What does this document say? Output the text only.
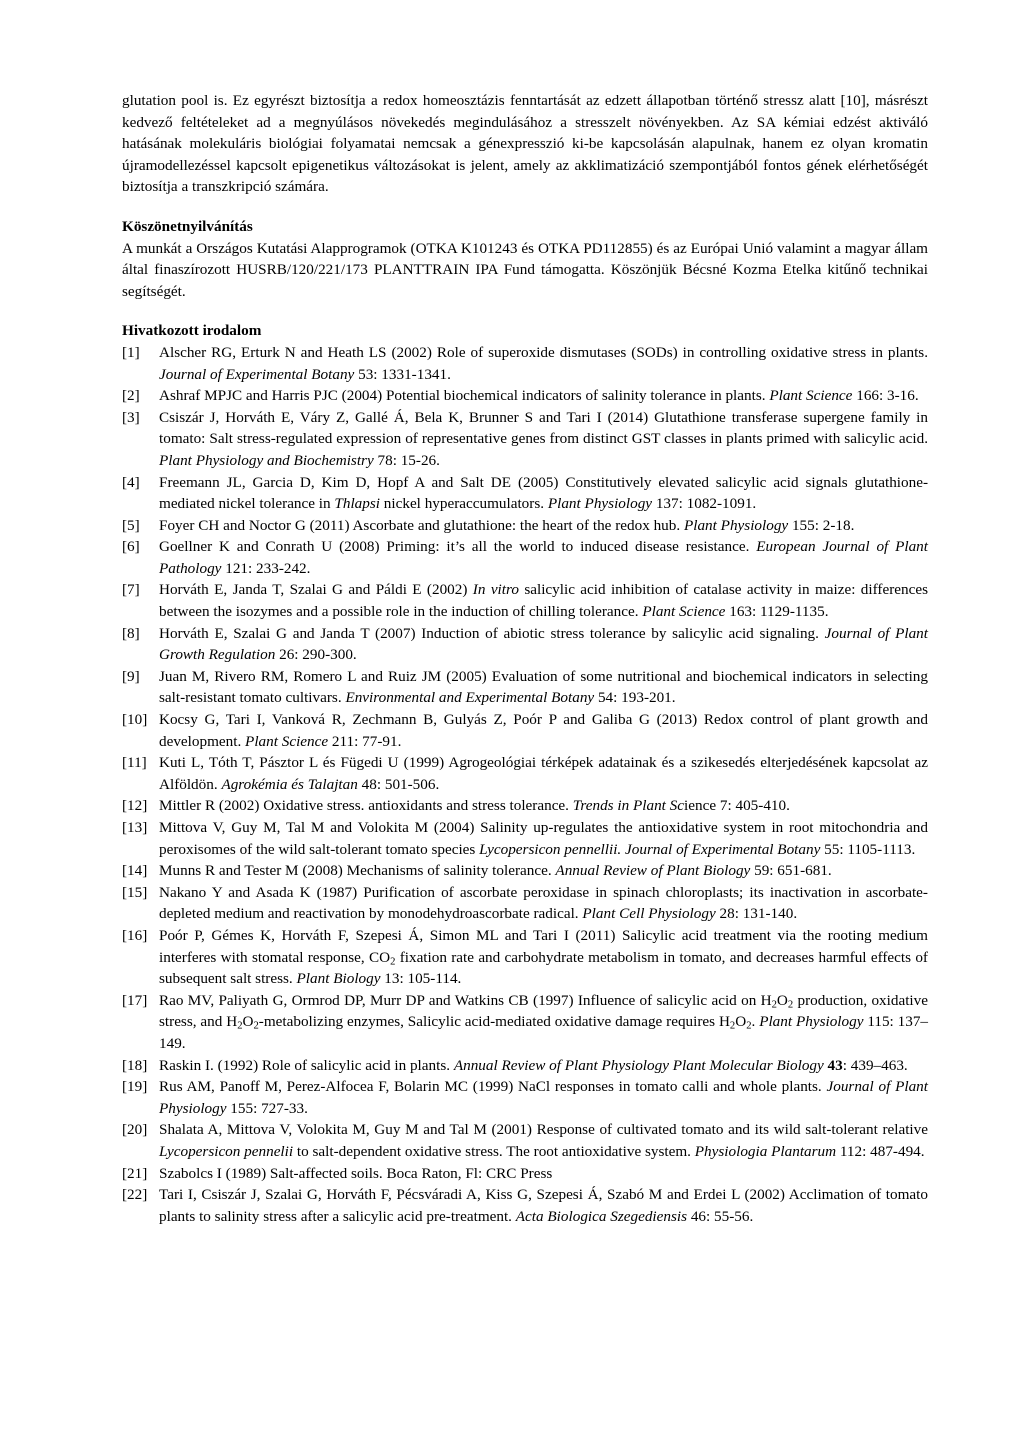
glutation pool is. Ez egyrészt biztosítja a redox homeosztázis fenntartását az edzett állapotban történő stressz alatt [10], másrészt kedvező feltételeket ad a megnyúlásos növekedés megindulásához a stresszelt növényekben. Az SA kémiai edzést aktiváló hatásának molekuláris biológiai folyamatai nemcsak a génexpresszió ki-be kapcsolásán alapulnak, hanem ez olyan kromatin újramodellezéssel kapcsolt epigenetikus változásokat is jelent, amely az akklimatizáció szempontjából fontos gének elérhetőségét biztosítja a transzkripció számára.

Köszönetnyilvánítás

A munkát a Országos Kutatási Alapprogramok (OTKA K101243 és OTKA PD112855) és az Európai Unió valamint a magyar állam által finaszírozott HUSRB/120/221/173 PLANTTRAIN IPA Fund támogatta. Köszönjük Bécsné Kozma Etelka kitűnő technikai segítségét.

Hivatkozott irodalom

[1]	Alscher RG, Erturk N and Heath LS (2002) Role of superoxide dismutases (SODs) in controlling oxidative stress in plants. Journal of Experimental Botany 53: 1331-1341.
[2]	Ashraf MPJC and Harris PJC (2004) Potential biochemical indicators of salinity tolerance in plants. Plant Science 166: 3-16.
[3]	Csiszár J, Horváth E, Váry Z, Gallé Á, Bela K, Brunner S and Tari I (2014) Glutathione transferase supergene family in tomato: Salt stress-regulated expression of representative genes from distinct GST classes in plants primed with salicylic acid. Plant Physiology and Biochemistry 78: 15-26.
[4]	Freemann JL, Garcia D, Kim D, Hopf A and Salt DE (2005) Constitutively elevated salicylic acid signals glutathione-mediated nickel tolerance in Thlapsi nickel hyperaccumulators. Plant Physiology 137: 1082-1091.
[5]	Foyer CH and Noctor G (2011) Ascorbate and glutathione: the heart of the redox hub. Plant Physiology 155: 2-18.
[6]	Goellner K and Conrath U (2008) Priming: it’s all the world to induced disease resistance. European Journal of Plant Pathology 121: 233-242.
[7]	Horváth E, Janda T, Szalai G and Páldi E (2002) In vitro salicylic acid inhibition of catalase activity in maize: differences between the isozymes and a possible role in the induction of chilling tolerance. Plant Science 163: 1129-1135.
[8]	Horváth E, Szalai G and Janda T (2007) Induction of abiotic stress tolerance by salicylic acid signaling. Journal of Plant Growth Regulation 26: 290-300.
[9]	Juan M, Rivero RM, Romero L and Ruiz JM (2005) Evaluation of some nutritional and biochemical indicators in selecting salt-resistant tomato cultivars. Environmental and Experimental Botany 54: 193-201.
[10] Kocsy G, Tari I, Vanková R, Zechmann B, Gulyás Z, Poór P and Galiba G (2013) Redox control of plant growth and development. Plant Science 211: 77-91.
[11] Kuti L, Tóth T, Pásztor L és Fügedi U (1999) Agrogeológiai térképek adatainak és a szikesedés elterjedésének kapcsolat az Alföldön. Agrokémia és Talajtan 48: 501-506.
[12] Mittler R (2002) Oxidative stress. antioxidants and stress tolerance. Trends in Plant Science 7: 405-410.
[13] Mittova V, Guy M, Tal M and Volokita M (2004) Salinity up-regulates the antioxidative system in root mitochondria and peroxisomes of the wild salt-tolerant tomato species Lycopersicon pennellii. Journal of Experimental Botany 55: 1105-1113.
[14] Munns R and Tester M (2008) Mechanisms of salinity tolerance. Annual Review of Plant Biology 59: 651-681.
[15] Nakano Y and Asada K (1987) Purification of ascorbate peroxidase in spinach chloroplasts; its inactivation in ascorbate-depleted medium and reactivation by monodehydroascorbate radical. Plant Cell Physiology 28: 131-140.
[16] Poór P, Gémes K, Horváth F, Szepesi Á, Simon ML and Tari I (2011) Salicylic acid treatment via the rooting medium interferes with stomatal response, $CO_2$ fixation rate and carbohydrate metabolism in tomato, and decreases harmful effects of subsequent salt stress. Plant Biology 13: 105-114.
[17] Rao MV, Paliyath G, Ormrod DP, Murr DP and Watkins CB (1997) Influence of salicylic acid on $H_2O_2$ production, oxidative stress, and $H_2O_2$-metabolizing enzymes, Salicylic acid-mediated oxidative damage requires $H_2O_2$. Plant Physiology 115: 137–149.
[18] Raskin I. (1992) Role of salicylic acid in plants. Annual Review of Plant Physiology Plant Molecular Biology 43: 439–463.
[19] Rus AM, Panoff M, Perez-Alfocea F, Bolarin MC (1999) NaCl responses in tomato calli and whole plants. Journal of Plant Physiology 155: 727-33.
[20] Shalata A, Mittova V, Volokita M, Guy M and Tal M (2001) Response of cultivated tomato and its wild salt-tolerant relative Lycopersicon pennelii to salt-dependent oxidative stress. The root antioxidative system. Physiologia Plantarum 112: 487-494.
[21] Szabolcs I (1989) Salt-affected soils. Boca Raton, Fl: CRC Press
[22] Tari I, Csiszár J, Szalai G, Horváth F, Pécsváradi A, Kiss G, Szepesi Á, Szabó M and Erdei L (2002) Acclimation of tomato plants to salinity stress after a salicylic acid pre-treatment. Acta Biologica Szegediensis 46: 55-56.
